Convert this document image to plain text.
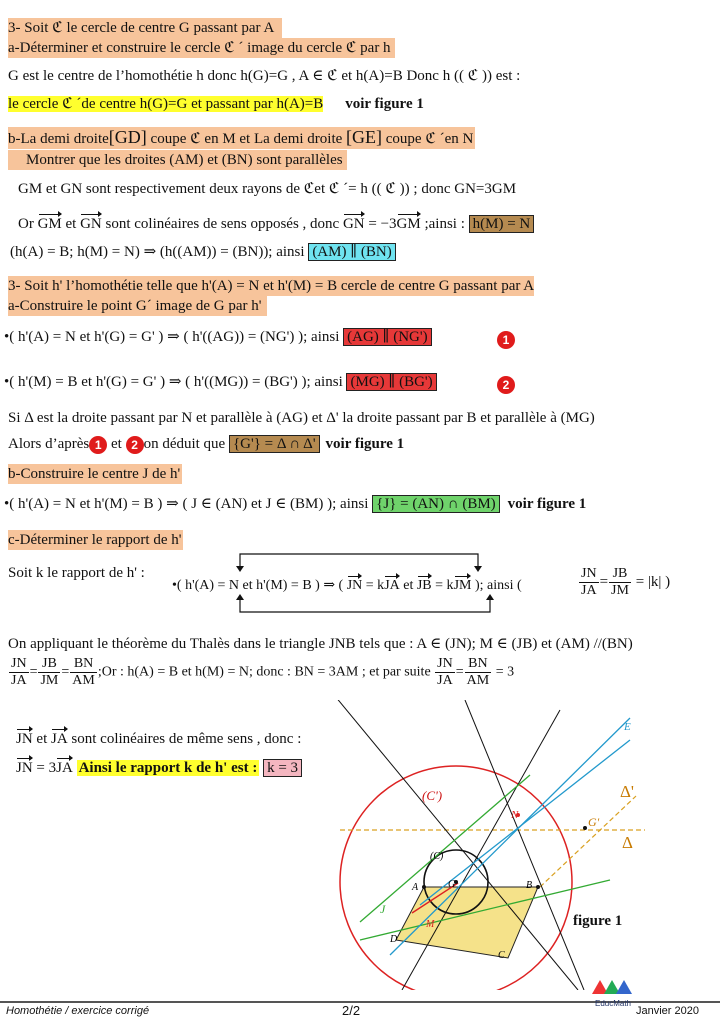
3- Soit ℭ le cercle de centre G passant par A
a-Déterminer et construire le cercle ℭ ´ image du cercle ℭ par h
G est le centre de l’homothétie h donc h(G)=G , A ∈ ℭ et h(A)=B Donc h (( ℭ )) est :
le cercle ℭ ´de centre h(G)=G et passant par h(A)=B voir figure 1
b-La demi droite[GD] coupe ℭ en M et La demi droite [GE] coupe ℭ ´en N
Montrer que les droites (AM) et (BN) sont parallèles
GM et GN sont respectivement deux rayons de ℭet ℭ ´= h (( ℭ )) ; donc GN=3GM
Or GM et GN sont colinéaires de sens opposés , donc GN = −3GM ;ainsi : h(M) = N
(h(A) = B; h(M) = N) ⇒ (h((AM)) = (BN)); ainsi (AM) ∥ (BN)
3- Soit h' l’homothétie telle que h'(A) = N et h'(M) = B cercle de centre G passant par A
a-Construire le point G´ image de G par h'
•( h'(A) = N et h'(G) = G' ) ⇒ ( h'((AG)) = (NG') ); ainsi (AG) ∥ (NG')	1
•( h'(M) = B et h'(G) = G' ) ⇒ ( h'((MG)) = (BG') ); ainsi (MG) ∥ (BG')	2
Si Δ est la droite passant par N et parallèle à (AG) et Δ' la droite passant par B et parallèle à (MG)
Alors d’après 1 et 2 on déduit que {G'} = Δ ∩ Δ' voir figure 1
b-Construire le centre J de h'
•( h'(A) = N et h'(M) = B ) ⇒ ( J ∈ (AN) et J ∈ (BM) ); ainsi {J} = (AN) ∩ (BM) voir figure 1
c-Déterminer le rapport de h'
Soit k le rapport de h' :
•( h'(A) = N et h'(M) = B ) ⇒ ( JN = kJA et JB = kJM ); ainsi (	$\frac{JN}{JA} = \frac{JB}{JM} = |k|$ )
On appliquant le théorème du Thalès dans le triangle JNB tels que : A ∈ (JN); M ∈ (JB) et (AM) //(BN)
$\frac{JN}{JA} = \frac{JB}{JM} = \frac{BN}{AM}$ ;Or : h(A) = B et h(M) = N; donc : BN = 3AM ; et par suite $\frac{JN}{JA} = \frac{BN}{AM} = 3$
JN et JA sont colinéaires de même sens , donc :
JN = 3JA Ainsi le rapport k de h' est : k = 3
(C')
(C)
Δ'
Δ
E
N	G'
A	G	B
M
J
D
C
figure 1
Homothétie / exercice corrigé	2/2	Janvier 2020
EducMath
